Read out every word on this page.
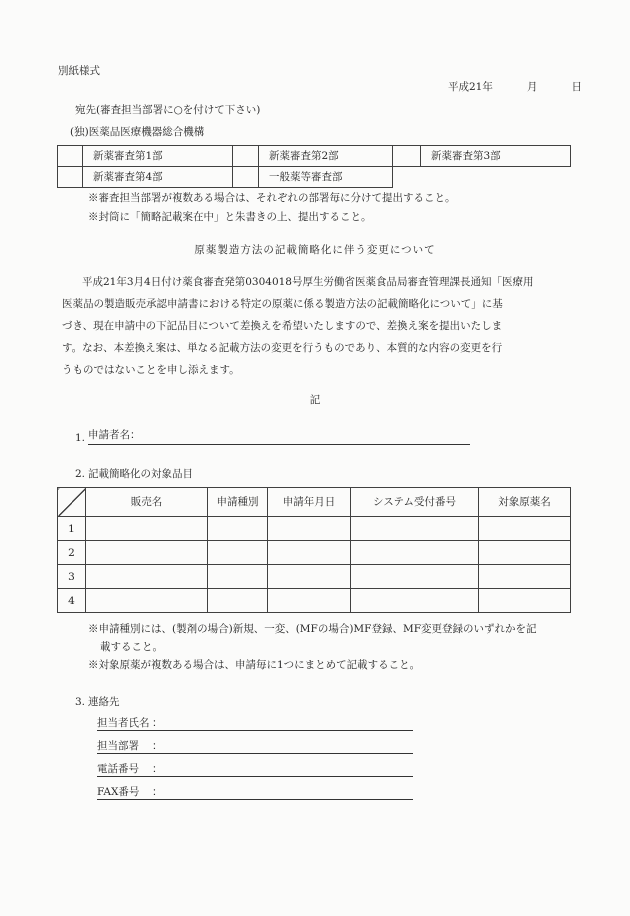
別紙様式
平成21年	月	日
宛先(審査担当部署に○を付けて下さい)
(独)医薬品医療機器総合機構
	新薬審査第1部		新薬審査第2部		新薬審査第3部
	新薬審査第4部		一般薬等審査部		
※審査担当部署が複数ある場合は、それぞれの部署毎に分けて提出すること。
※封筒に「簡略記載案在中」と朱書きの上、提出すること。
原薬製造方法の記載簡略化に伴う変更について
平成21年3月4日付け薬食審査発第0304018号厚生労働省医薬食品局審査管理課長通知「医療用
医薬品の製造販売承認申請書における特定の原薬に係る製造方法の記載簡略化について」に基
づき、現在申請中の下記品目について差換えを希望いたしますので、差換え案を提出いたしま
す。なお、本差換え案は、単なる記載方法の変更を行うものであり、本質的な内容の変更を行
うものではないことを申し添えます。
記
1. 申請者名：
2. 記載簡略化の対象品目
	販売名	申請種別	申請年月日	システム受付番号	対象原薬名
1					
2					
3					
4					
※申請種別には、(製剤の場合)新規、一変、(MFの場合)MF登録、MF変更登録のいずれかを記
載すること。
※対象原薬が複数ある場合は、申請毎に1つにまとめて記載すること。
3. 連絡先
担当者氏名 ：
担当部署	：
電話番号	：
FAX番号	：
